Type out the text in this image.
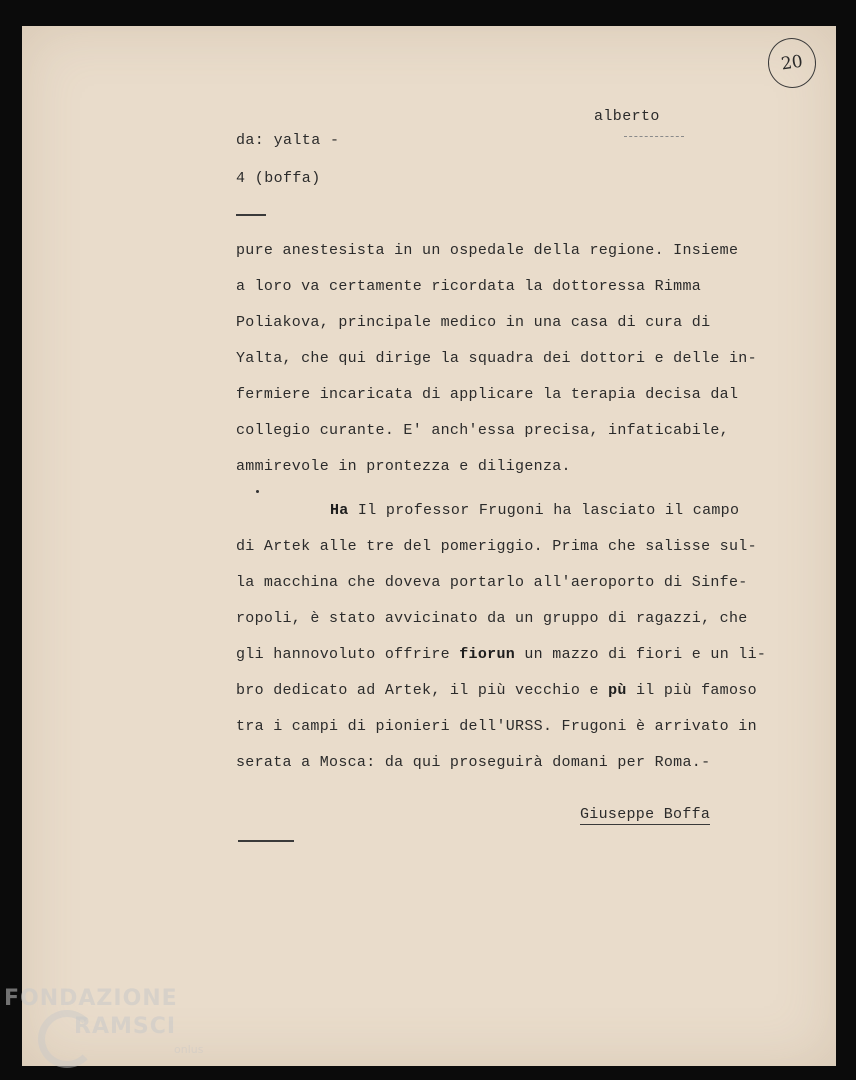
20
alberto
da: yalta -
4 (boffa)
pure anestesista in un ospedale della regione. Insieme
a loro va certamente ricordata la dottoressa Rimma
Poliakova, principale medico in una casa di cura di
Yalta, che qui dirige la squadra dei dottori e delle in-
fermiere incaricata di applicare la terapia decisa dal
collegio curante. E' anch'essa precisa, infaticabile,
ammirevole in prontezza e diligenza.
Ha Il professor Frugoni ha lasciato il campo
di Artek alle tre del pomeriggio. Prima che salisse sul-
la macchina che doveva portarlo all'aeroporto di Sinfe-
ropoli, è stato avvicinato da un gruppo di ragazzi, che
gli hannovoluto offrire fiorun un mazzo di fiori e un li-
bro dedicato ad Artek, il più vecchio e pù il più famoso
tra i campi di pionieri dell'URSS. Frugoni è arrivato in
serata a Mosca: da qui proseguirà domani per Roma.-
Giuseppe Boffa
FONDAZIONE
RAMSCI
onlus
